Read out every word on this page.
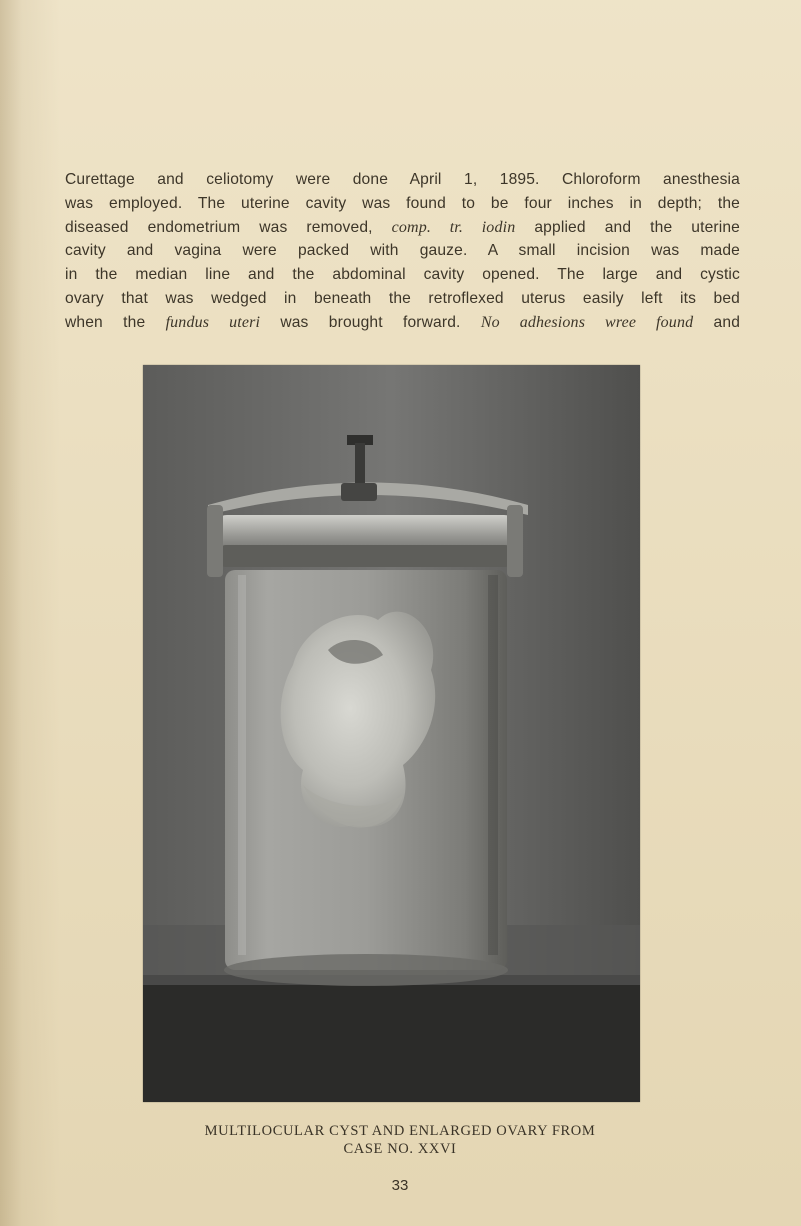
Curettage and celiotomy were done April 1, 1895. Chloroform anesthesia
was employed. The uterine cavity was found to be four inches in depth; the
diseased endometrium was removed, comp. tr. iodin applied and the uterine
cavity and vagina were packed with gauze. A small incision was made
in the median line and the abdominal cavity opened. The large and cystic
ovary that was wedged in beneath the retroflexed uterus easily left its bed
when the fundus uteri was brought forward. No adhesions wree found and
MULTILOCULAR CYST AND ENLARGED OVARY FROM
CASE NO. XXVI
33
